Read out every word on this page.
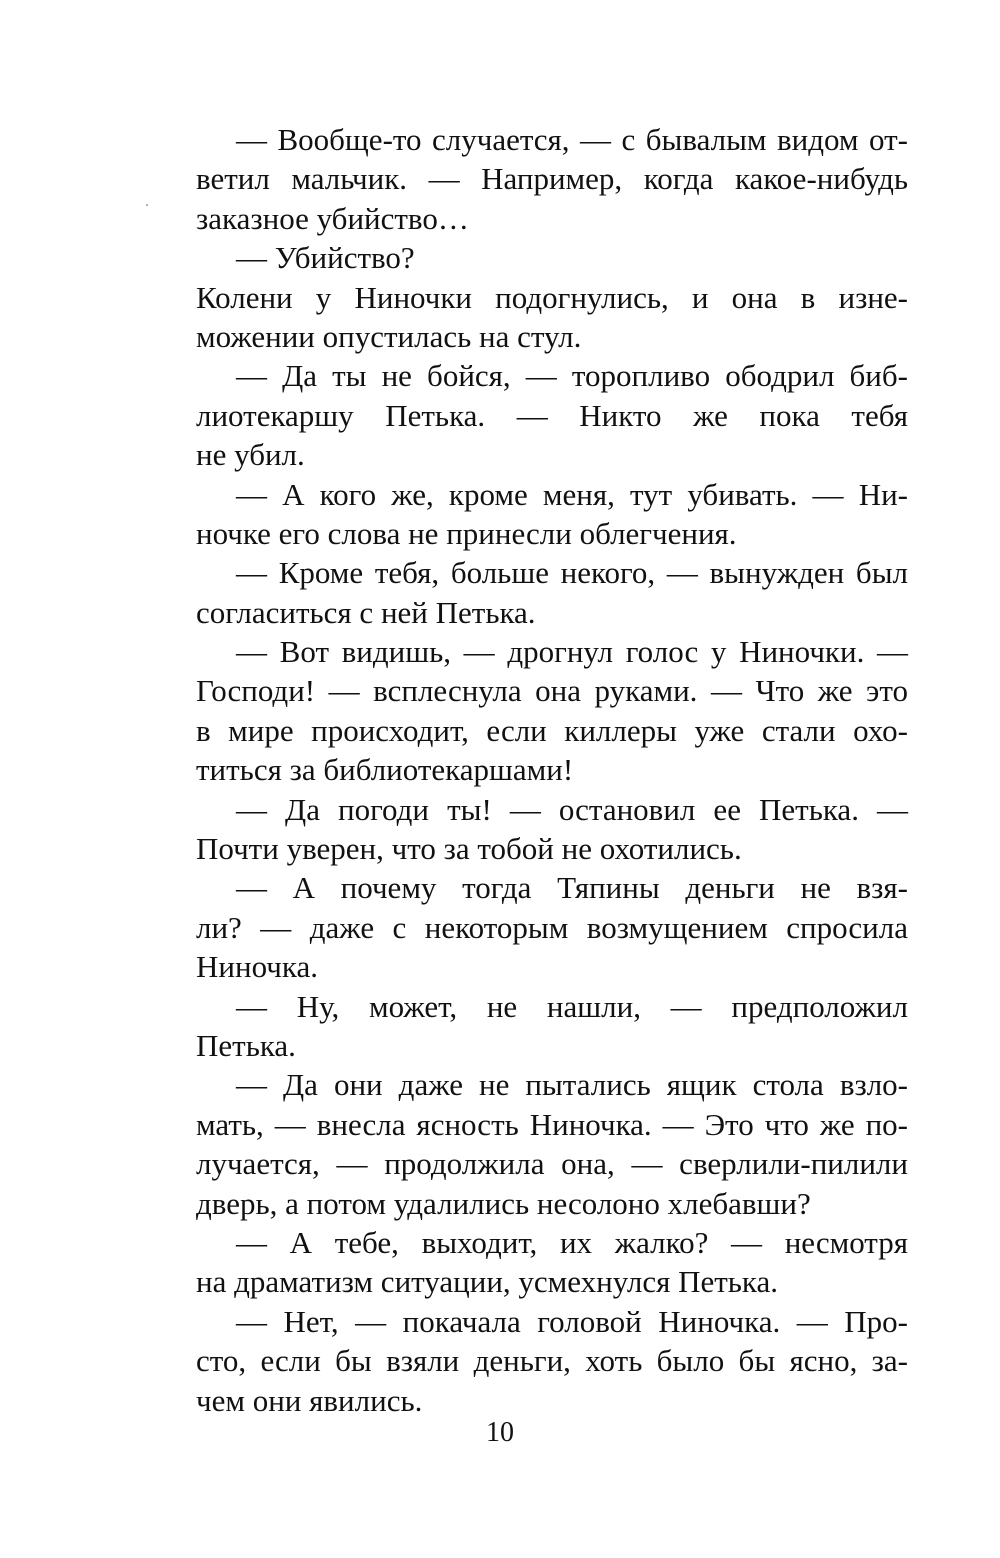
— Вообще-то случается, — с бывалым видом от-
ветил мальчик. — Например, когда какое-нибудь
заказное убийство…
— Убийство?
Колени у Ниночки подогнулись, и она в изне-
можении опустилась на стул.
— Да ты не бойся, — торопливо ободрил биб-
лиотекаршу Петька. — Никто же пока тебя
не убил.
— А кого же, кроме меня, тут убивать. — Ни-
ночке его слова не принесли облегчения.
— Кроме тебя, больше некого, — вынужден был
согласиться с ней Петька.
— Вот видишь, — дрогнул голос у Ниночки. —
Господи! — всплеснула она руками. — Что же это
в мире происходит, если киллеры уже стали охо-
титься за библиотекаршами!
— Да погоди ты! — остановил ее Петька. —
Почти уверен, что за тобой не охотились.
— А почему тогда Тяпины деньги не взя-
ли? — даже с некоторым возмущением спросила
Ниночка.
— Ну, может, не нашли, — предположил
Петька.
— Да они даже не пытались ящик стола взло-
мать, — внесла ясность Ниночка. — Это что же по-
лучается, — продолжила она, — сверлили-пилили
дверь, а потом удалились несолоно хлебавши?
— А тебе, выходит, их жалко? — несмотря
на драматизм ситуации, усмехнулся Петька.
— Нет, — покачала головой Ниночка. — Про-
сто, если бы взяли деньги, хоть было бы ясно, за-
чем они явились.
10
